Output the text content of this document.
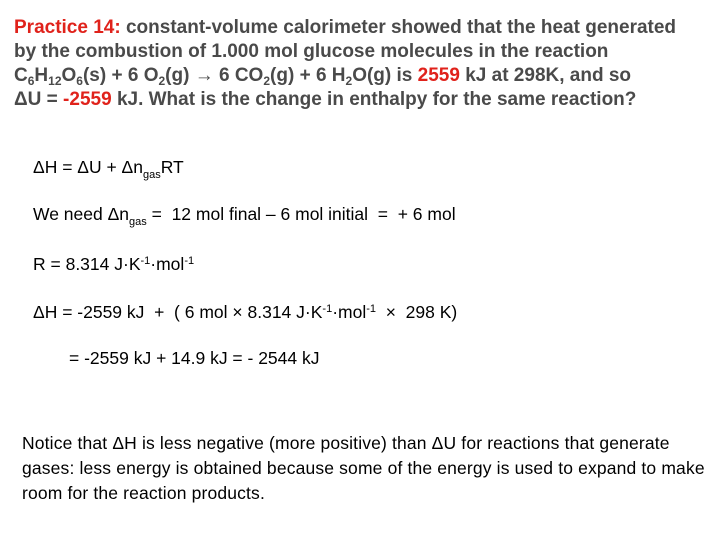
Practice 14: constant-volume calorimeter showed that the heat generated
by the combustion of 1.000 mol glucose molecules in the reaction
$C_6H_{12}O_6(s) + 6$ $O_2(g) \to 6$ $CO_2(g) + 6$ $H_2O(g)$ is 2559 kJ at 298K, and so
ΔU = -2559 kJ. What is the change in enthalpy for the same reaction?
$\Delta H = \Delta U + \Delta n_{gas}RT$
We need $\Delta n_{gas} = 12$ mol final – 6 mol initial  =  + 6 mol
R = 8.314 $J\cdot K^{-1}\cdot mol^{-1}$
ΔH = -2559 kJ  +  ( 6 mol × 8.314 $J\cdot K^{-1}\cdot mol^{-1} \times 298$ K)
= -2559 kJ + 14.9 kJ = - 2544 kJ
Notice that ΔH is less negative (more positive) than ΔU for reactions that generate gases: less energy is obtained because some of the energy is used to expand to make room for the reaction products.
